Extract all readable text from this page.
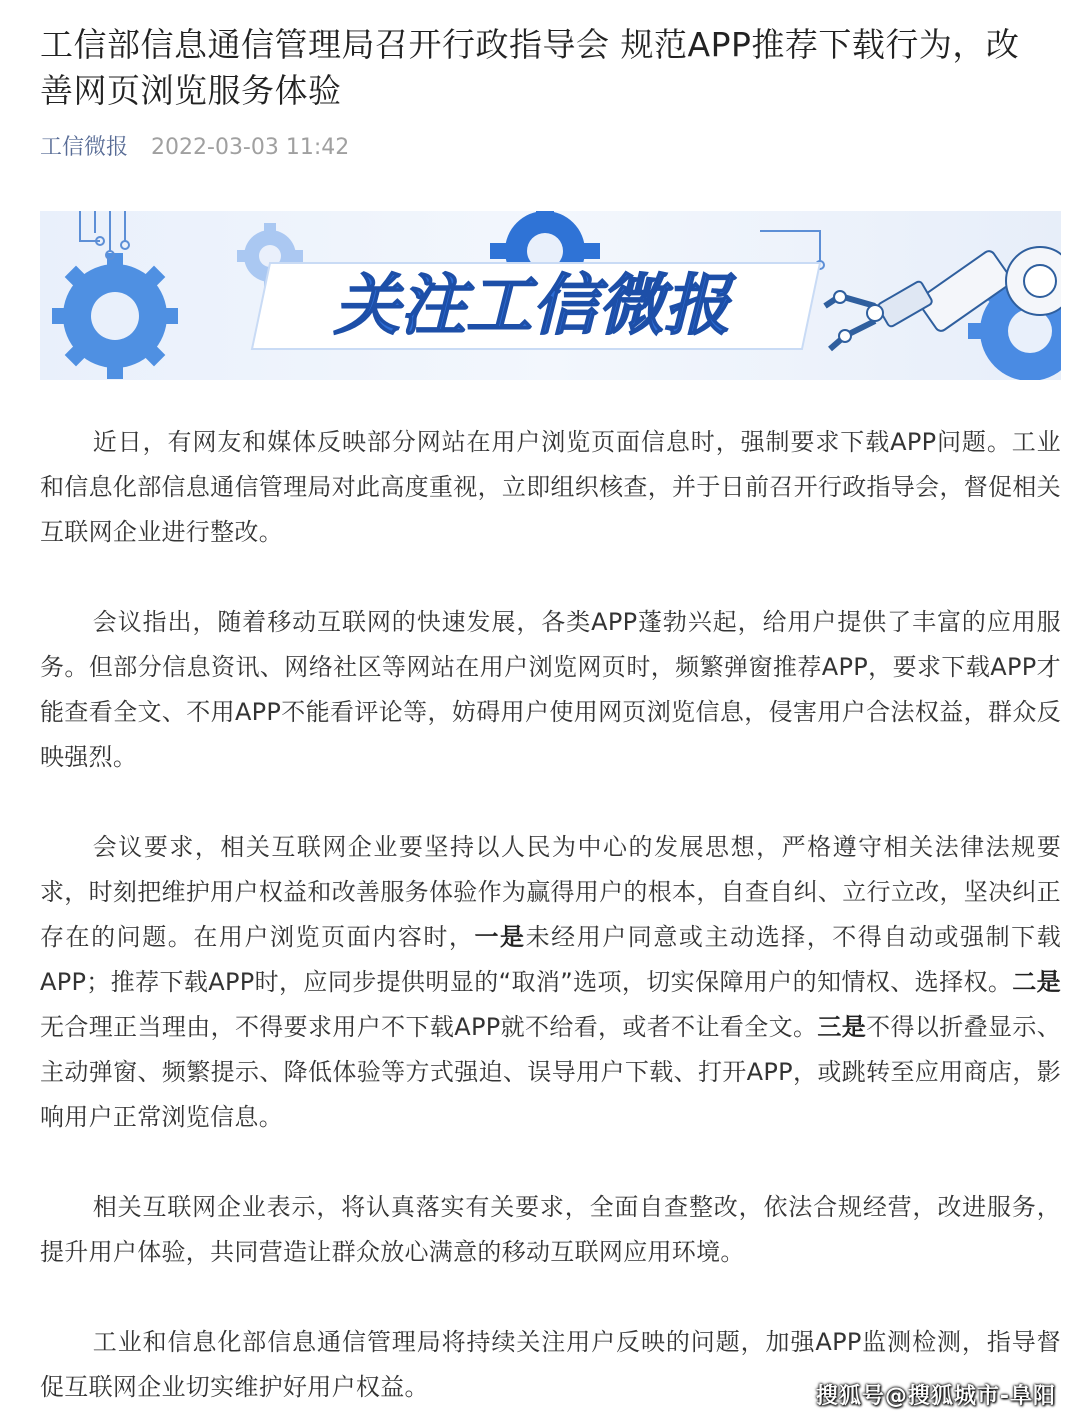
工信部信息通信管理局召开行政指导会 规范APP推荐下载行为，改善网页浏览服务体验
工信微报 2022-03-03 11:42
关注工信微报

近日，有网友和媒体反映部分网站在用户浏览页面信息时，强制要求下载APP问题。工业和信息化部信息通信管理局对此高度重视，立即组织核查，并于日前召开行政指导会，督促相关互联网企业进行整改。

会议指出，随着移动互联网的快速发展，各类APP蓬勃兴起，给用户提供了丰富的应用服务。但部分信息资讯、网络社区等网站在用户浏览网页时，频繁弹窗推荐APP，要求下载APP才能查看全文、不用APP不能看评论等，妨碍用户使用网页浏览信息，侵害用户合法权益，群众反映强烈。

会议要求，相关互联网企业要坚持以人民为中心的发展思想，严格遵守相关法律法规要求，时刻把维护用户权益和改善服务体验作为赢得用户的根本，自查自纠、立行立改，坚决纠正存在的问题。在用户浏览页面内容时，一是未经用户同意或主动选择，不得自动或强制下载APP；推荐下载APP时，应同步提供明显的“取消”选项，切实保障用户的知情权、选择权。二是无合理正当理由，不得要求用户不下载APP就不给看，或者不让看全文。三是不得以折叠显示、主动弹窗、频繁提示、降低体验等方式强迫、误导用户下载、打开APP，或跳转至应用商店，影响用户正常浏览信息。

相关互联网企业表示，将认真落实有关要求，全面自查整改，依法合规经营，改进服务，提升用户体验，共同营造让群众放心满意的移动互联网应用环境。

工业和信息化部信息通信管理局将持续关注用户反映的问题，加强APP监测检测，指导督促互联网企业切实维护好用户权益。	搜狐号@搜狐城市-阜阳
